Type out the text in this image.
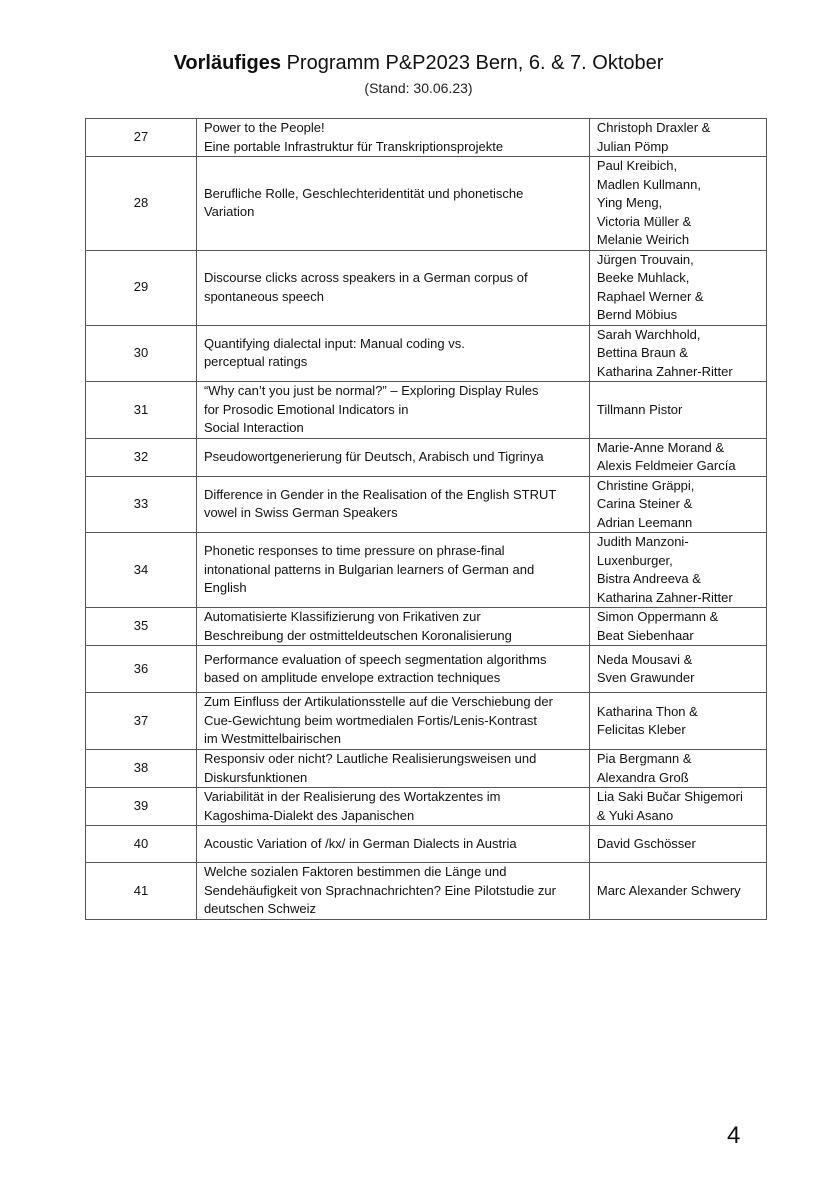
Vorläufiges Programm P&P2023 Bern, 6. & 7. Oktober
(Stand: 30.06.23)
27	Power to the People!
Eine portable Infrastruktur für Transkriptionsprojekte	Christoph Draxler &
Julian Pömp

28	Berufliche Rolle, Geschlechteridentität und phonetische
Variation	Paul Kreibich,
Madlen Kullmann,
Ying Meng,
Victoria Müller &
Melanie Weirich

29	Discourse clicks across speakers in a German corpus of
spontaneous speech	Jürgen Trouvain,
Beeke Muhlack,
Raphael Werner &
Bernd Möbius

30	Quantifying dialectal input: Manual coding vs.
perceptual ratings	Sarah Warchhold,
Bettina Braun &
Katharina Zahner-Ritter

31	“Why can’t you just be normal?” – Exploring Display Rules
for Prosodic Emotional Indicators in
Social Interaction	Tillmann Pistor

32	Pseudowortgenerierung für Deutsch, Arabisch und Tigrinya	Marie-Anne Morand &
Alexis Feldmeier García

33	Difference in Gender in the Realisation of the English STRUT
vowel in Swiss German Speakers	Christine Gräppi,
Carina Steiner &
Adrian Leemann

34	Phonetic responses to time pressure on phrase-final
intonational patterns in Bulgarian learners of German and
English	Judith Manzoni-
Luxenburger,
Bistra Andreeva &
Katharina Zahner-Ritter

35	Automatisierte Klassifizierung von Frikativen zur
Beschreibung der ostmitteldeutschen Koronalisierung	Simon Oppermann &
Beat Siebenhaar

36	Performance evaluation of speech segmentation algorithms
based on amplitude envelope extraction techniques	Neda Mousavi &
Sven Grawunder

37	Zum Einfluss der Artikulationsstelle auf die Verschiebung der
Cue-Gewichtung beim wortmedialen Fortis/Lenis-Kontrast
im Westmittelbairischen	Katharina Thon &
Felicitas Kleber

38	Responsiv oder nicht? Lautliche Realisierungsweisen und
Diskursfunktionen	Pia Bergmann &
Alexandra Groß

39	Variabilität in der Realisierung des Wortakzentes im
Kagoshima-Dialekt des Japanischen	Lia Saki Bučar Shigemori
& Yuki Asano

40	Acoustic Variation of /kx/ in German Dialects in Austria	David Gschösser

41	Welche sozialen Faktoren bestimmen die Länge und
Sendehäufigkeit von Sprachnachrichten? Eine Pilotstudie zur
deutschen Schweiz	Marc Alexander Schwery
4
